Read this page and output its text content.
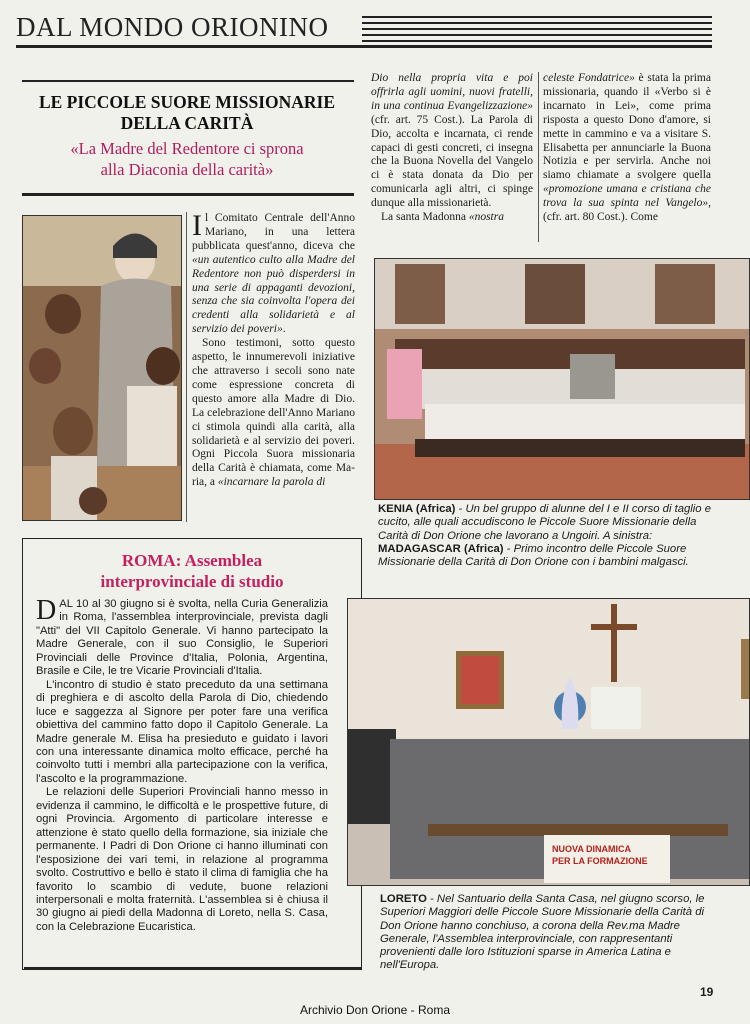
DAL MONDO ORIONINO
LE PICCOLE SUORE MISSIONARIE
DELLA CARITÀ
«La Madre del Redentore ci sprona
alla Diaconia della carità»

Il Comitato Centrale dell'Anno Mariano, in una lettera pubblicata quest'anno, diceva che «un autentico culto alla Madre del Redentore non può disperdersi in una serie di appaganti devozioni, senza che sia coinvolta l'opera dei credenti alla solidarietà e al servizio dei poveri».

Sono testimoni, sotto questo aspetto, le innumerevoli iniziative che attraverso i secoli sono nate come espressione concreta di questo amore alla Madre di Dio. La celebrazione dell'Anno Mariano ci stimola quindi alla carità, alla solidarietà e al servizio dei poveri. Ogni Piccola Suora missionaria della Carità è chiamata, come Maria, a «incarnare la parola di

Dio nella propria vita e poi offrirla agli uomini, nuovi fratelli, in una continua Evangelizzazione» (cfr. art. 75 Cost.). La Parola di Dio, accolta e incarnata, ci rende capaci di gesti concreti, ci insegna che la Buona Novella del Vangelo ci è stata donata da Dio per comunicarla agli altri, ci spinge dunque alla missionarietà.

La santa Madonna «nostra

celeste Fondatrice» è stata la prima missionaria, quando il «Verbo si è incarnato in Lei», come prima risposta a questo Dono d'amore, si mette in cammino e va a visitare S. Elisabetta per annunciarle la Buona Notizia e per servirla. Anche noi siamo chiamate a svolgere quella «promozione umana e cristiana che trova la sua spinta nel Vangelo», (cfr. art. 80 Cost.). Come

KENIA (Africa) - Un bel gruppo di alunne del I e II corso di taglio e cucito, alle quali accudiscono le Piccole Suore Missionarie della Carità di Don Orione che lavorano a Ungoiri. A sinistra: MADAGASCAR (Africa) - Primo incontro delle Piccole Suore Missionarie della Carità di Don Orione con i bambini malgasci.
ROMA: Assemblea
interprovinciale di studio

DAL 10 al 30 giugno si è svolta, nella Curia Generalizia in Roma, l'assemblea interprovinciale, prevista dagli "Atti" del VII Capitolo Generale. Vi hanno partecipato la Madre Generale, con il suo Consiglio, le Superiori Provinciali delle Province d'Italia, Polonia, Argentina, Brasile e Cile, le tre Vicarie Provinciali d'Italia.

L'incontro di studio è stato preceduto da una settimana di preghiera e di ascolto della Parola di Dio, chiedendo luce e saggezza al Signore per poter fare una verifica obiettiva del cammino fatto dopo il Capitolo Generale. La Madre generale M. Elisa ha presieduto e guidato i lavori con una interessante dinamica molto efficace, perché ha coinvolto tutti i membri alla partecipazione con la verifica, l'ascolto e la programmazione.

Le relazioni delle Superiori Provinciali hanno messo in evidenza il cammino, le difficoltà e le prospettive future, di ogni Provincia. Argomento di particolare interesse e attenzione è stato quello della formazione, sia iniziale che permanente. I Padri di Don Orione ci hanno illuminati con l'esposizione dei vari temi, in relazione al programma svolto. Costruttivo e bello è stato il clima di famiglia che ha favorito lo scambio di vedute, buone relazioni interpersonali e molta fraternità. L'assemblea si è chiusa il 30 giugno ai piedi della Madonna di Loreto, nella S. Casa, con la Celebrazione Eucaristica.

NUOVA DINAMICA
PER LA FORMAZIONE
LORETO - Nel Santuario della Santa Casa, nel giugno scorso, le Superiori Maggiori delle Piccole Suore Missionarie della Carità di Don Orione hanno conchiuso, a corona della Rev.ma Madre Generale, l'Assemblea interprovinciale, con rappresentanti provenienti dalle loro Istituzioni sparse in America Latina e nell'Europa.
19
Archivio Don Orione - Roma
